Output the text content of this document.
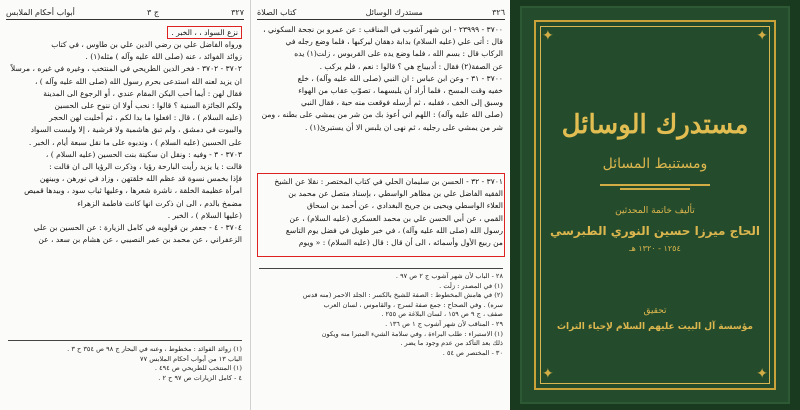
٣٢٧
ج ٣
أبواب أحكام الملابس

نزع السواد ، ، الخبر .

ورواه الفاضل علي بن رضي الدين علي بن طاوس ، في كتاب

زوائد الفوائد ، عنه (صلى الله عليه وآله ) مثله(١) .

٣٧٠٢ - ٣٧٠٢ - فخر الدين الطريحي في المنتخب ، وغيره في غيره ، مرسلاً

ان يزيد لعنه الله استدعى بحرم رسول الله (صلى الله عليه وآله ) ،

فقال لهن : أيما أحب اليكن المقام عندي ، أو الرجوع الى المدينة

ولكم الجائزة السنية ؟ قالوا : نحب أولا ان ننوح على الحسين

(عليه السلام ) ، قال : افعلوا ما بدا لكم ، ثم أخليت لهن الحجر

والبيوت في دمشق ، ولم تبق هاشمية ولا قرشية ، إلا ولبست السواد

على الحسين (عليه السلام ) ، وندبوه على ما نقل سبعة أيام ، الخبر .

٣٧٠٣ - ٣ - وفيه : ونقل ان سكينة بنت الحسين (عليه السلام ) ،

قالت : يا يزيد رأيت البارحة رؤيا ، وذكرت الرؤيا الى ان قالت :

فإذا بخمس نسوة قد عظم الله خلقتهن ، وزاد في نورهن ، وبينهن

امرأة عظيمة الخلقة ، ناشرة شعرها ، وعليها ثياب سود ، وبيدها قميص

مضمخ بالدم ، الى ان ذكرت انها كانت فاطمة الزهراء

(عليها السلام ) ، الخبر .

٣٧٠٤ - ٤ - جعفر بن قولويه في كامل الزيارة : عن الحسين بن علي

الزعفراني ، عن محمد بن عمر النصيبي ، عن هشام بن سعد ، عن

(١) زوائد الفوائد : مخطوط ، وعنه في البحار ج ٩٨ ص ٣٥٤ ح ٣ .

الباب ١٣ من أبواب أحكام الملابس ٧٧

(١) المنتخب للطريحي ص ٤٩٤ .

٤ - كامل الزيارات ص ٩٧ ح ٢ .

٣٢٦
مستدرك الوسائل
كتاب الصلاة

٣٧٠٠ - ٢٣٩٩٩ - ابن شهر آشوب في المناقب : عن عمرو بن نجحة السكوني ،

قال : أتى علي (عليه السلام) بدابة دهقان ليركبها ، فلما وضع رجله في

الركاب قال : بسم الله ، فلما وضع يده على القربوس ، زلت(١) يده

عن الصفة(٢) فقال : أدبيباج هي ؟ قالوا : نعم ، فلم يركب .

٣٧٠٠ - ٣١ - وعن ابن عباس : ان النبي (صلى الله عليه وآله) ، خلع

خفيه وقت المسح ، فلما أراد أن يلبسهما ، تصوّب عقاب من الهواء

وسبق إلى الخف ، فقلبه ، ثم أرسله فوقعت منه حية ، فقال النبي

(صلى الله عليه وآله) : اللهم اني أعوذ بك من شر من يمشي على بطنه ، ومن

شر من يمشي على رجليه ، ثم نهى ان يلبس الا أن يستبرئ(١) .

٣٧٠١ - ٣٢ - الحسن بن سليمان الحلي في كتاب المختصر : نقلا عن الشيخ

الفقيه الفاضل علي بن مظاهر الواسطي ، بإسناد متصل عن محمد بن

العلاء الواسطي ويحيى بن جريح البغدادي ، عن أحمد بن اسحاق

القمي ، عن أبي الحسن علي بن محمد العسكري (عليه السلام) ، عن

رسول الله (صلى الله عليه وآله) ، في خبر طويل في فضل يوم التاسع

من ربيع الأول وأسمائه ، الى أن قال : قال (عليه السلام) : « ويوم

٢٨ - الباب لأن شهر آشوب ج ٢ ص ٩٧ .

(١) في المصدر : زلّت .

(٢) في هامش المخطوط : الصفة للشيخ بالكسر : الجلد الاحمر (منه قدس

سره) . وفي الصحاح : جمع صفة لسرج ، والقاموس ، لسان العرب

صفف ، ج ٩ ص ١٥٩ ، لسان البلاغة ص ٢٥٥ .

٢٩ - المناقب لأن شهر آشوب ج ١ ص ١٣٦ .

(١) الاستبراء : طلب البراءة ، وفي سلامة الشيء المتبرا منه ويكون

ذلك بعد التأكد من عدم وجود ما يضر .

٣٠ - المختصر ص ٥٤ .

✦	✦
✦	✦
مستدرك الوسائل
ومستنبط المسائل
تأليف خاتمة المحدثين
الحاج ميرزا حسين النوري الطبرسي
١٢٥٤ - ١٣٢٠ هـ
تحقيق
مؤسسة آل البيت عليهم السلام لإحياء التراث
